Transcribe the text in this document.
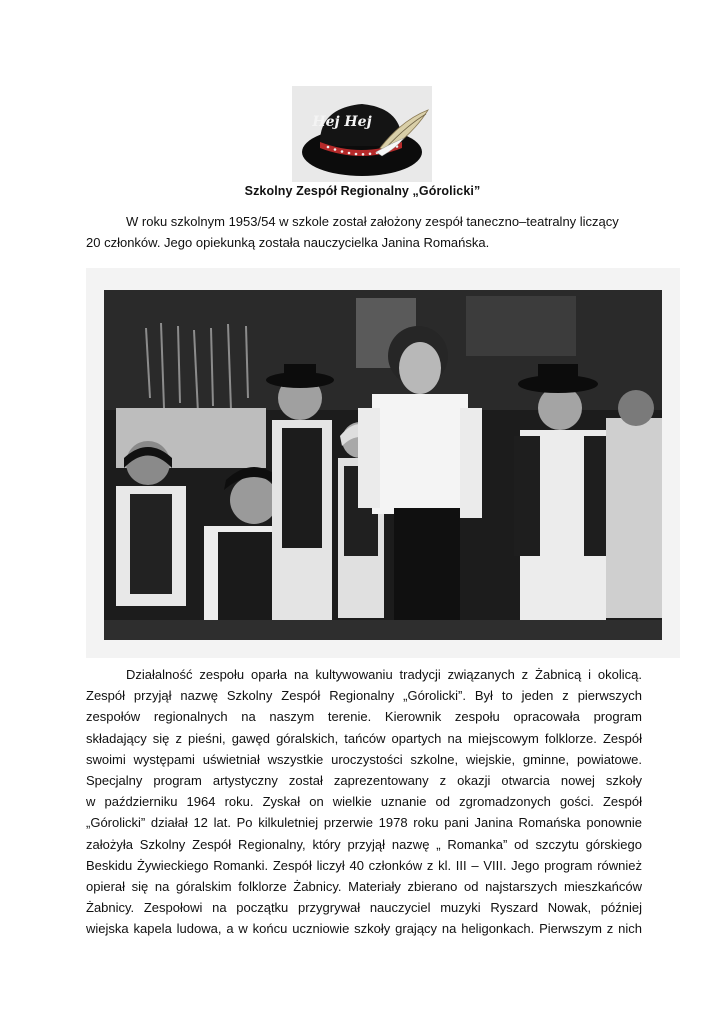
Hej Hej
Szkolny Zespół Regionalny „Górolicki”
W roku szkolnym 1953/54 w szkole został założony zespół taneczno–teatralny liczący
20 członków. Jego opiekunką została nauczycielka Janina Romańska.
Działalność zespołu oparła na kultywowaniu tradycji związanych z Żabnicą i okolicą.
Zespół przyjął nazwę Szkolny Zespół Regionalny „Górolicki”. Był to jeden z pierwszych
zespołów regionalnych na naszym terenie. Kierownik zespołu opracowała program
składający się z pieśni, gawęd góralskich, tańców opartych na miejscowym folklorze. Zespół
swoimi występami uświetniał wszystkie uroczystości szkolne, wiejskie, gminne, powiatowe.
Specjalny program artystyczny został zaprezentowany z okazji otwarcia nowej szkoły
w październiku 1964 roku. Zyskał on wielkie uznanie od zgromadzonych gości. Zespół
„Górolicki” działał 12 lat. Po kilkuletniej przerwie 1978 roku pani Janina Romańska ponownie
założyła Szkolny Zespół Regionalny, który przyjął nazwę „ Romanka” od szczytu górskiego
Beskidu Żywieckiego Romanki. Zespół liczył 40 członków z kl. III – VIII. Jego program również
opierał się na góralskim folklorze Żabnicy. Materiały zbierano od najstarszych mieszkańców
Żabnicy. Zespołowi na początku przygrywał nauczyciel muzyki Ryszard Nowak, później
wiejska kapela ludowa, a w końcu uczniowie szkoły grający na heligonkach. Pierwszym z nich
